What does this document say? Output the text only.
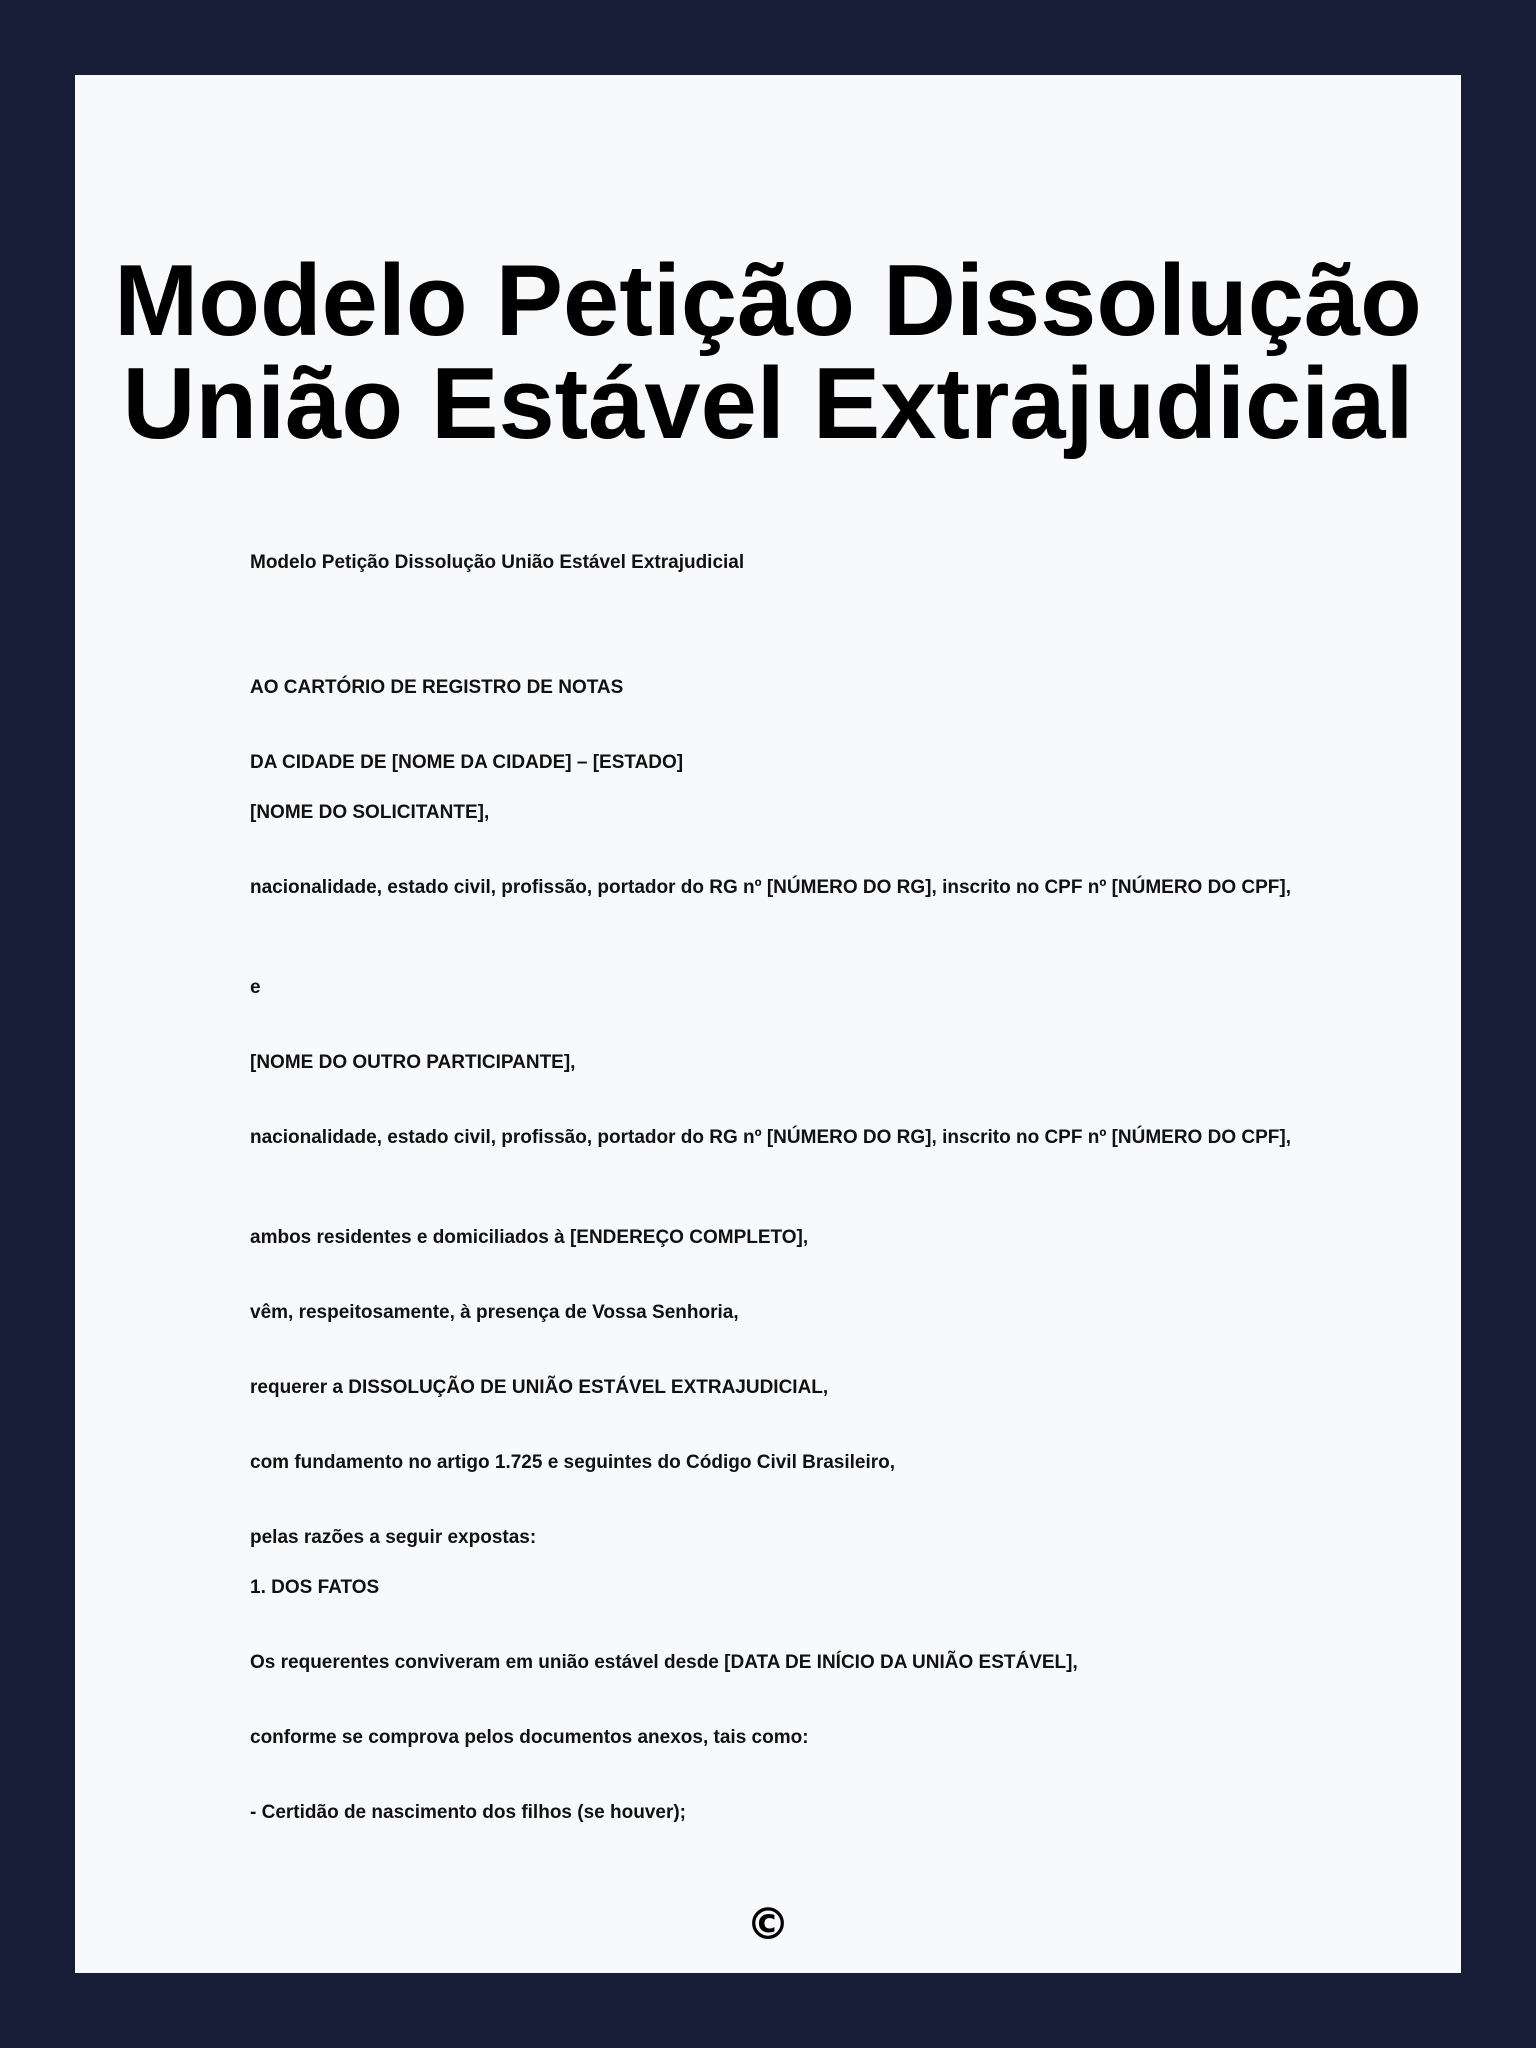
Modelo Petição Dissolução
União Estável Extrajudicial

Modelo Petição Dissolução União Estável Extrajudicial

AO CARTÓRIO DE REGISTRO DE NOTAS

DA CIDADE DE [NOME DA CIDADE] – [ESTADO]

[NOME DO SOLICITANTE],

nacionalidade, estado civil, profissão, portador do RG nº [NÚMERO DO RG], inscrito no CPF nº [NÚMERO DO CPF],

e

[NOME DO OUTRO PARTICIPANTE],

nacionalidade, estado civil, profissão, portador do RG nº [NÚMERO DO RG], inscrito no CPF nº [NÚMERO DO CPF],

ambos residentes e domiciliados à [ENDEREÇO COMPLETO],

vêm, respeitosamente, à presença de Vossa Senhoria,

requerer a DISSOLUÇÃO DE UNIÃO ESTÁVEL EXTRAJUDICIAL,

com fundamento no artigo 1.725 e seguintes do Código Civil Brasileiro,

pelas razões a seguir expostas:

1. DOS FATOS

Os requerentes conviveram em união estável desde [DATA DE INÍCIO DA UNIÃO ESTÁVEL],

conforme se comprova pelos documentos anexos, tais como:

- Certidão de nascimento dos filhos (se houver);

©
